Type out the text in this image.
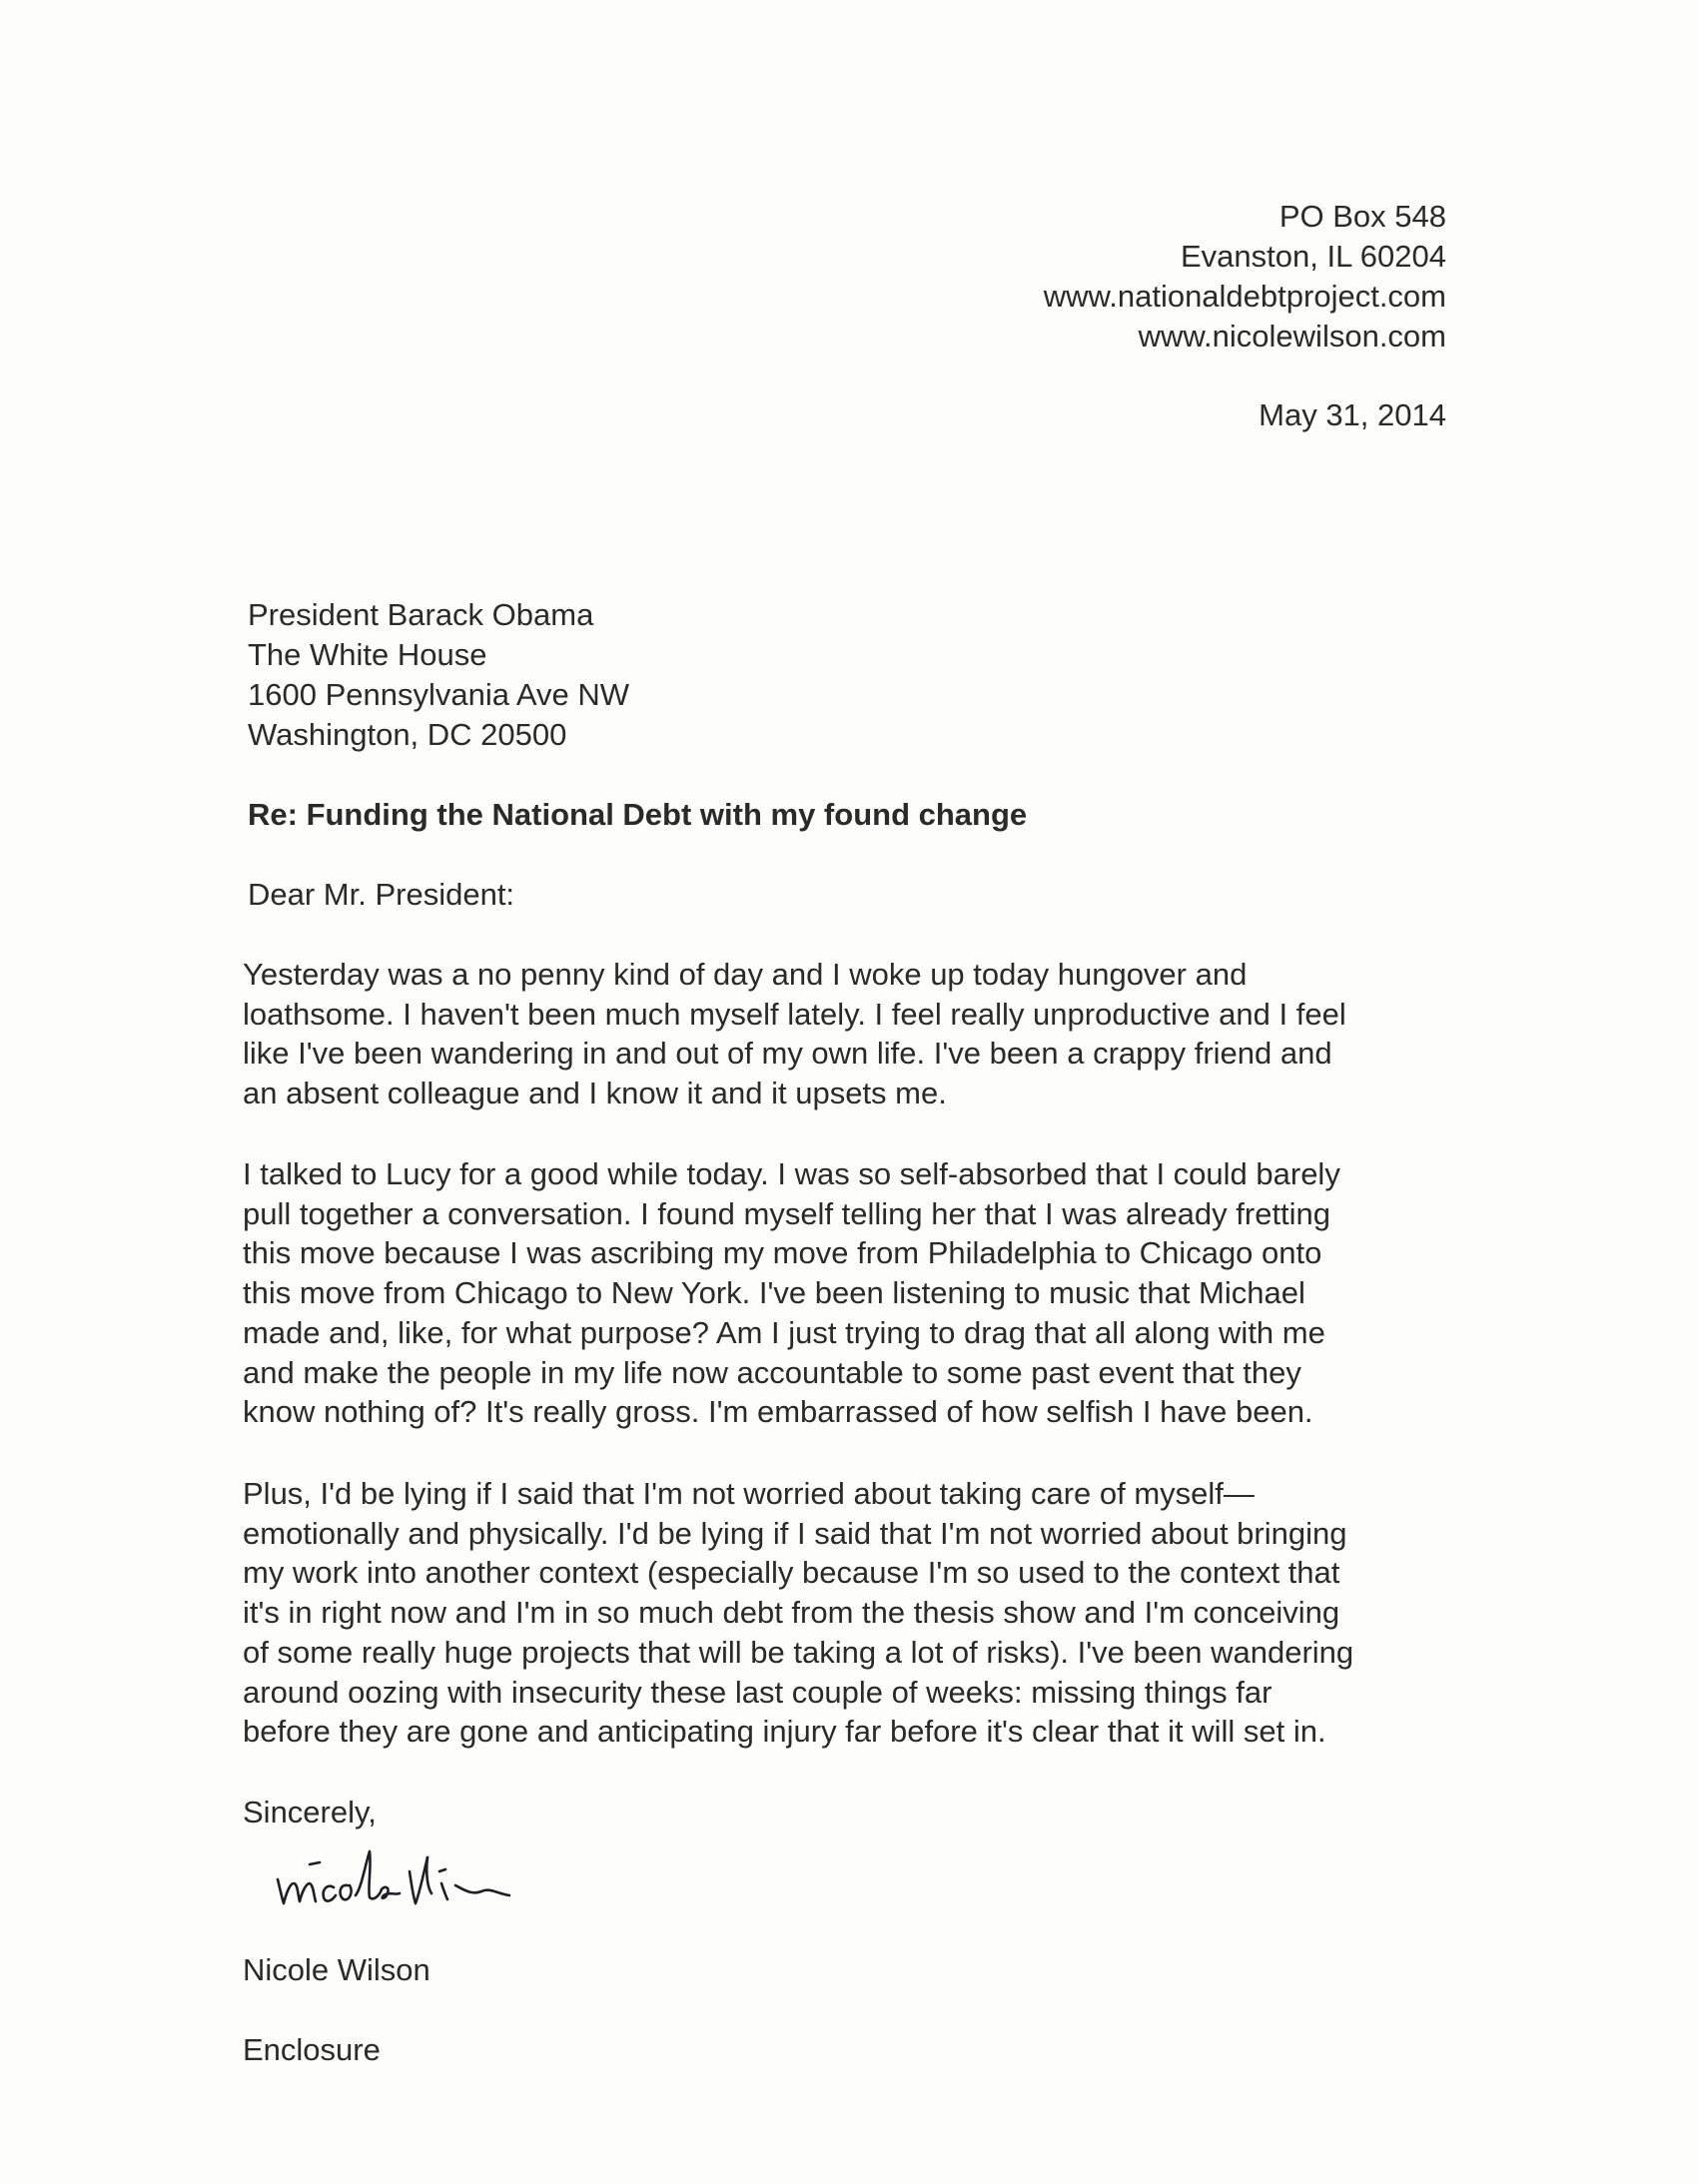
PO Box 548
Evanston, IL 60204
www.nationaldebtproject.com
www.nicolewilson.com
May 31, 2014
President Barack Obama
The White House
1600 Pennsylvania Ave NW
Washington, DC 20500
Re: Funding the National Debt with my found change
Dear Mr. President:
Yesterday was a no penny kind of day and I woke up today hungover and
loathsome. I haven't been much myself lately. I feel really unproductive and I feel
like I've been wandering in and out of my own life. I've been a crappy friend and
an absent colleague and I know it and it upsets me.
I talked to Lucy for a good while today. I was so self-absorbed that I could barely
pull together a conversation. I found myself telling her that I was already fretting
this move because I was ascribing my move from Philadelphia to Chicago onto
this move from Chicago to New York. I've been listening to music that Michael
made and, like, for what purpose? Am I just trying to drag that all along with me
and make the people in my life now accountable to some past event that they
know nothing of? It's really gross. I'm embarrassed of how selfish I have been.
Plus, I'd be lying if I said that I'm not worried about taking care of myself—
emotionally and physically. I'd be lying if I said that I'm not worried about bringing
my work into another context (especially because I'm so used to the context that
it's in right now and I'm in so much debt from the thesis show and I'm conceiving
of some really huge projects that will be taking a lot of risks). I've been wandering
around oozing with insecurity these last couple of weeks: missing things far
before they are gone and anticipating injury far before it's clear that it will set in.
Sincerely,
Nicole Wilson
Enclosure
